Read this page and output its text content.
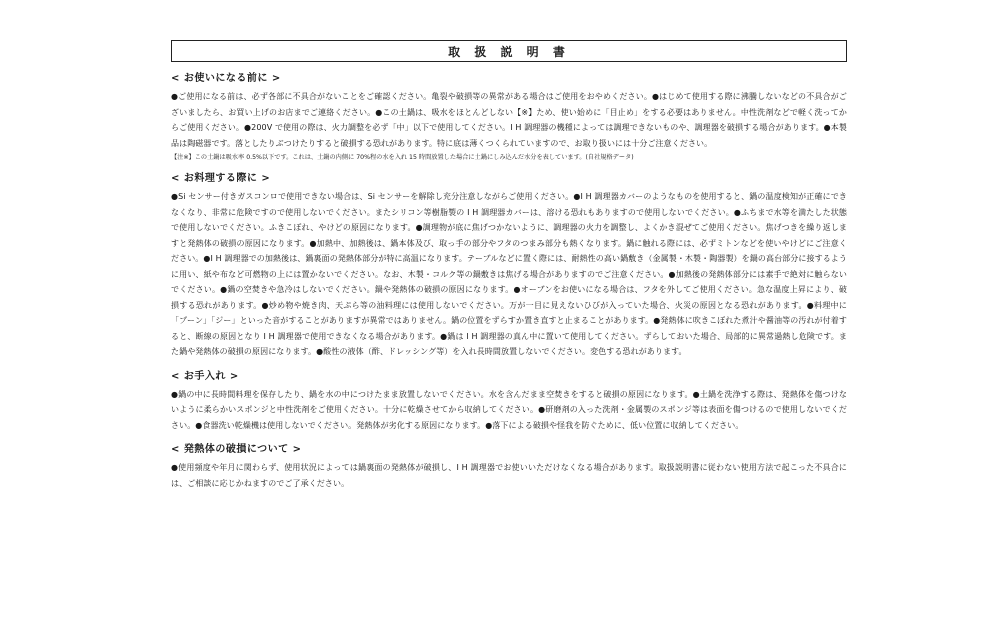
取 扱 説 明 書
< お使いになる前に >
●ご使用になる前は、必ず各部に不具合がないことをご確認ください。亀裂や破損等の異常がある場合はご使用をおやめください。●はじめて使用する際に沸騰しないなどの不具合がございましたら、お買い上げのお店までご連絡ください。●この土鍋は、吸水をほとんどしない【※】ため、使い始めに「目止め」をする必要はありません。中性洗剤などで軽く洗ってからご使用ください。●200V で使用の際は、火力調整を必ず「中」以下で使用してください。I H 調理器の機種によっては調理できないものや、調理器を破損する場合があります。●本製品は陶磁器です。落としたりぶつけたりすると破損する恐れがあります。特に底は薄くつくられていますので、お取り扱いには十分ご注意ください。
【注※】この土鍋は吸水率 0.5%以下です。これは、土鍋の内側に 70%程の水を入れ 15 時間放置した場合に土鍋にしみ込んだ水分を表しています。(自社規格データ)
< お料理する際に >
●Si センサー付きガスコンロで使用できない場合は、Si センサーを解除し充分注意しながらご使用ください。●I H 調理器カバーのようなものを使用すると、鍋の温度検知が正確にできなくなり、非常に危険ですので使用しないでください。またシリコン等樹脂製の I H 調理器カバーは、溶ける恐れもありますので使用しないでください。●ふちまで水等を満たした状態で使用しないでください。ふきこぼれ、やけどの原因になります。●調理物が底に焦げつかないように、調理器の火力を調整し、よくかき混ぜてご使用ください。焦げつきを繰り返しますと発熱体の破損の原因になります。●加熱中、加熱後は、鍋本体及び、取っ手の部分やフタのつまみ部分も熱くなります。鍋に触れる際には、必ずミトンなどを使いやけどにご注意ください。●I H 調理器での加熱後は、鍋裏面の発熱体部分が特に高温になります。テーブルなどに置く際には、耐熱性の高い鍋敷き（金属製・木製・陶器製）を鍋の高台部分に接するように用い、紙や布など可燃物の上には置かないでください。なお、木製・コルク等の鍋敷きは焦げる場合がありますのでご注意ください。●加熱後の発熱体部分には素手で絶対に触らないでください。●鍋の空焚きや急冷はしないでください。鍋や発熱体の破損の原因になります。●オーブンをお使いになる場合は、フタを外してご使用ください。急な温度上昇により、破損する恐れがあります。●炒め物や焼き肉、天ぷら等の油料理には使用しないでください。万が一目に見えないひびが入っていた場合、火災の原因となる恐れがあります。●料理中に「プーン」「ジー」といった音がすることがありますが異常ではありません。鍋の位置をずらすか置き直すと止まることがあります。●発熱体に吹きこぼれた煮汁や醤油等の汚れが付着すると、断線の原因となり I H 調理器で使用できなくなる場合があります。●鍋は I H 調理器の真ん中に置いて使用してください。ずらしておいた場合、局部的に異常過熱し危険です。また鍋や発熱体の破損の原因になります。●酸性の液体（酢、ドレッシング等）を入れ長時間放置しないでください。変色する恐れがあります。
< お手入れ >
●鍋の中に長時間料理を保存したり、鍋を水の中につけたまま放置しないでください。水を含んだまま空焚きをすると破損の原因になります。●土鍋を洗浄する際は、発熱体を傷つけないように柔らかいスポンジと中性洗剤をご使用ください。十分に乾燥させてから収納してください。●研磨剤の入った洗剤・金属製のスポンジ等は表面を傷つけるので使用しないでください。●食器洗い乾燥機は使用しないでください。発熱体が劣化する原因になります。●落下による破損や怪我を防ぐために、低い位置に収納してください。
< 発熱体の破損について >
●使用頻度や年月に関わらず、使用状況によっては鍋裏面の発熱体が破損し、I H 調理器でお使いいただけなくなる場合があります。取扱説明書に従わない使用方法で起こった不具合には、ご相談に応じかねますのでご了承ください。
